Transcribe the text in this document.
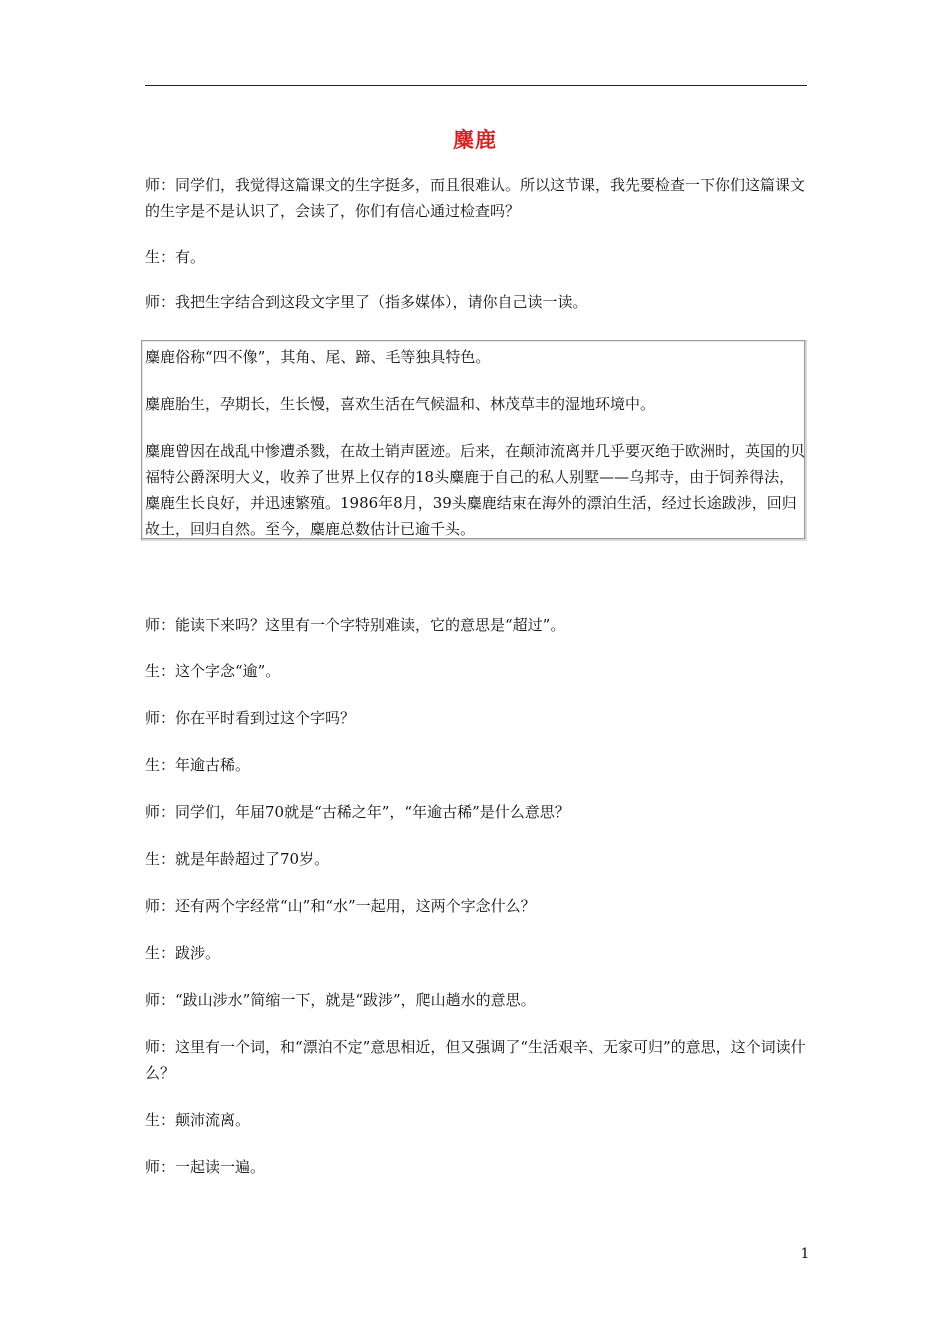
麋鹿

师：同学们，我觉得这篇课文的生字挺多，而且很难认。所以这节课，我先要检查一下你们这篇课文的生字是不是认识了，会读了，你们有信心通过检查吗？

生：有。

师：我把生字结合到这段文字里了（指多媒体），请你自己读一读。

麋鹿俗称“四不像”，其角、尾、蹄、毛等独具特色。

麋鹿胎生，孕期长，生长慢，喜欢生活在气候温和、林茂草丰的湿地环境中。

麋鹿曾因在战乱中惨遭杀戮，在故土销声匿迹。后来，在颠沛流离并几乎要灭绝于欧洲时，英国的贝福特公爵深明大义，收养了世界上仅存的18头麋鹿于自己的私人别墅——乌邦寺，由于饲养得法，麋鹿生长良好，并迅速繁殖。1986年8月，39头麋鹿结束在海外的漂泊生活，经过长途跋涉，回归故土，回归自然。至今，麋鹿总数估计已逾千头。

师：能读下来吗？这里有一个字特别难读，它的意思是“超过”。

生：这个字念“逾”。

师：你在平时看到过这个字吗？

生：年逾古稀。

师：同学们，年届70就是“古稀之年”，“年逾古稀”是什么意思？

生：就是年龄超过了70岁。

师：还有两个字经常“山”和“水”一起用，这两个字念什么？

生：跋涉。

师：“跋山涉水”简缩一下，就是“跋涉”，爬山趟水的意思。

师：这里有一个词，和“漂泊不定”意思相近，但又强调了“生活艰辛、无家可归”的意思，这个词读什么？

生：颠沛流离。

师：一起读一遍。

1
